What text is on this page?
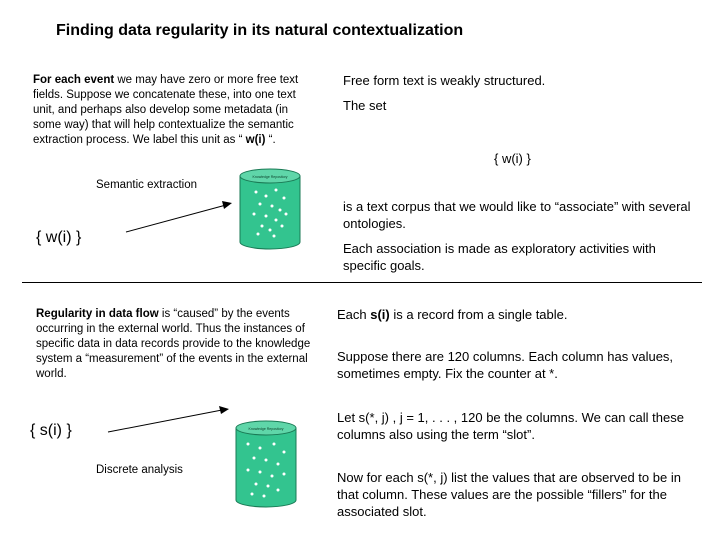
Finding data regularity in its natural contextualization
For each event we may have zero or more free text fields. Suppose we concatenate these, into one text unit, and perhaps also develop some metadata (in some way) that will help contextualize the semantic extraction process. We label this unit as “ w(i) “.
Semantic extraction
{ w(i) }
Knowledge Repository
Free form text is weakly structured.
The set
{ w(i) }
is a text corpus that we would like to “associate” with several ontologies.
Each association is made as exploratory activities with specific goals.
Regularity in data flow is “caused” by the events occurring in the external world. Thus the instances of specific data in data records provide to the knowledge system a “measurement” of the events in the external world.
{ s(i) }
Discrete analysis
Knowledge Repository
Each s(i) is a record from a single table.
Suppose there are 120 columns. Each column has values, sometimes empty. Fix the counter at *.
Let s(*, j) , j = 1, . . . , 120 be the columns. We can call these columns also using the term “slot”.
Now for each s(*, j) list the values that are observed to be in that column. These values are the possible “fillers” for the associated slot.
